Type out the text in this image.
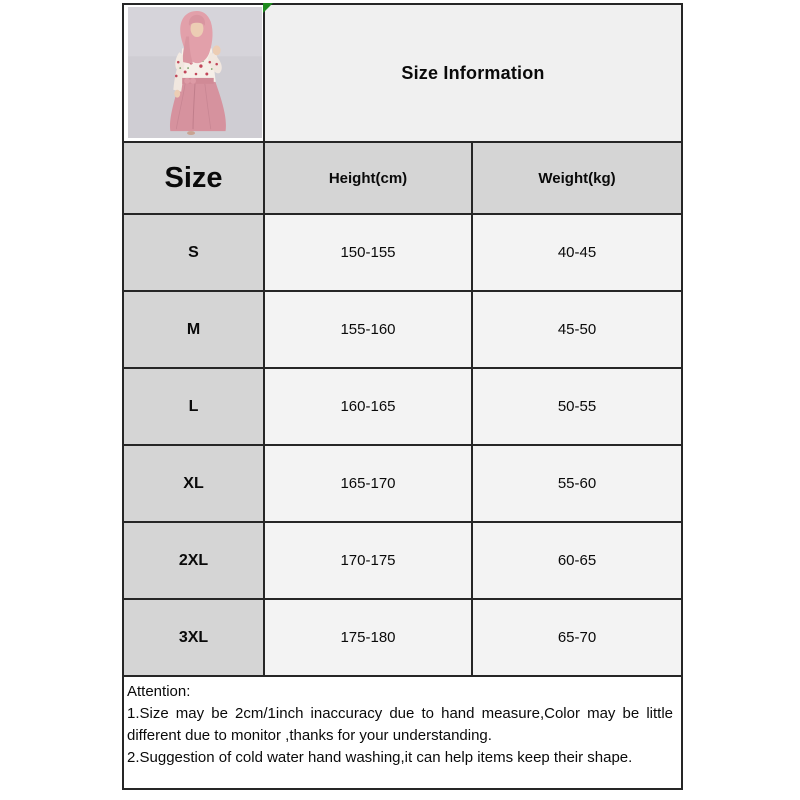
Size Information
Size	Height(cm)	Weight(kg)
S	150-155	40-45
M	155-160	45-50
L	160-165	50-55
XL	165-170	55-60
2XL	170-175	60-65
3XL	175-180	65-70
Attention:
1.Size may be 2cm/1inch inaccuracy due to hand measure,Color may be little different due to monitor ,thanks for your understanding.
2.Suggestion of cold water hand washing,it can help items keep their shape.
